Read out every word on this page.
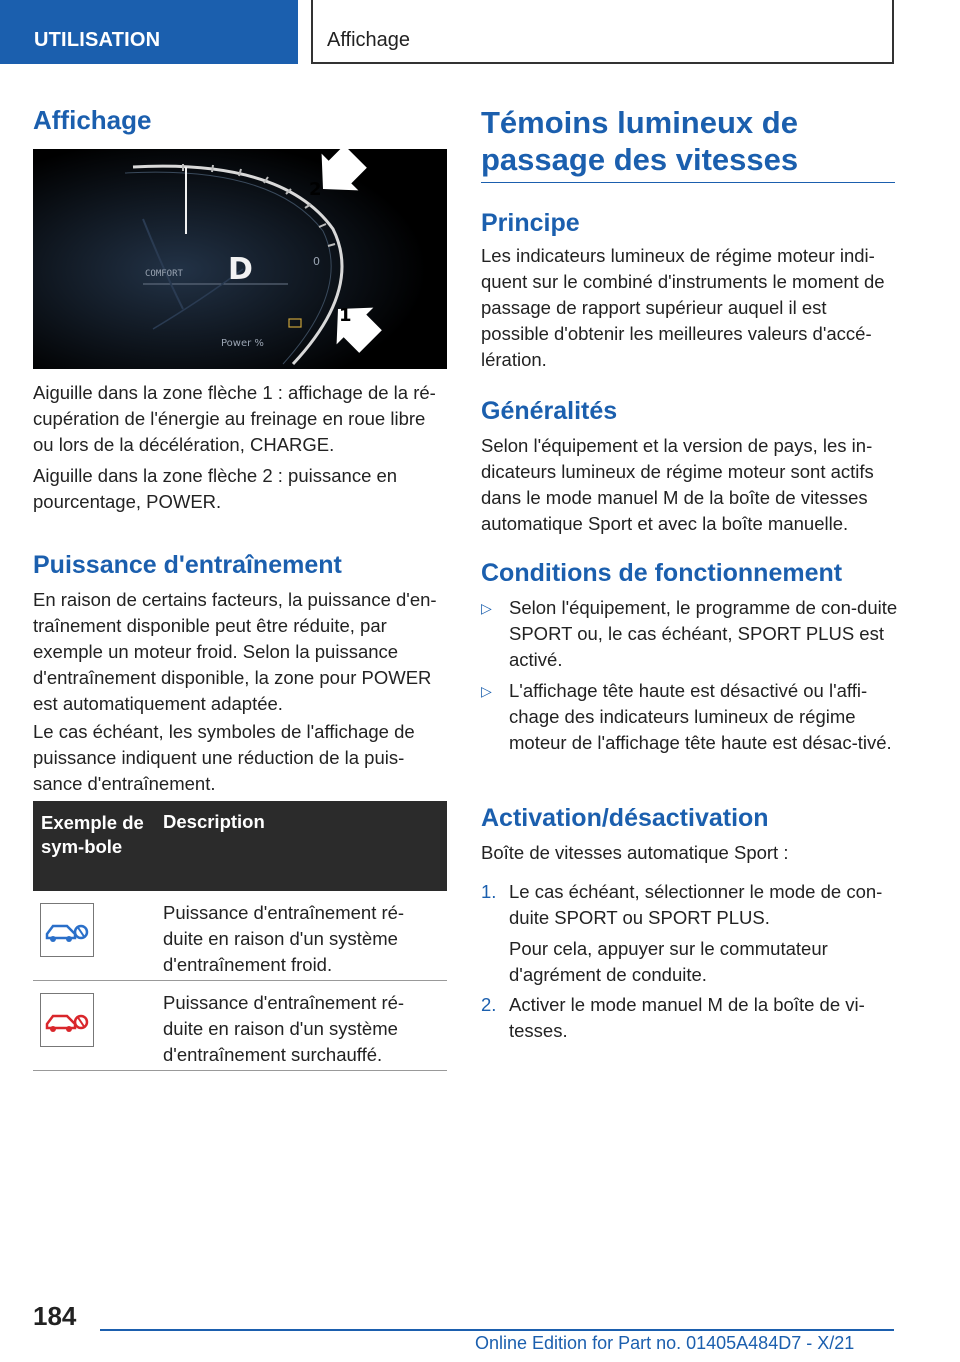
UTILISATION	Affichage
Affichage
COMFORT D	0
Power %
2
1

Aiguille dans la zone flèche 1 : affichage de la ré-cupération de l'énergie au freinage en roue libre ou lors de la décélération, CHARGE.

Aiguille dans la zone flèche 2 : puissance en pourcentage, POWER.

Puissance d'entraînement

En raison de certains facteurs, la puissance d'en-traînement disponible peut être réduite, par exemple un moteur froid. Selon la puissance d'entraînement disponible, la zone pour POWER est automatiquement adaptée.

Le cas échéant, les symboles de l'affichage de puissance indiquent une réduction de la puis-sance d'entraînement.

Exemple de sym-bole
Description
Puissance d'entraînement ré-duite en raison d'un système d'entraînement froid.
Puissance d'entraînement ré-duite en raison d'un système d'entraînement surchauffé.
Témoins lumineux de passage des vitesses
Principe

Les indicateurs lumineux de régime moteur indi-quent sur le combiné d'instruments le moment de passage de rapport supérieur auquel il est possible d'obtenir les meilleures valeurs d'accé-lération.

Généralités

Selon l'équipement et la version de pays, les in-dicateurs lumineux de régime moteur sont actifs dans le mode manuel M de la boîte de vitesses automatique Sport et avec la boîte manuelle.

Conditions de fonctionnement
▷ Selon l'équipement, le programme de con-duite SPORT ou, le cas échéant, SPORT PLUS est activé.
▷ L'affichage tête haute est désactivé ou l'affi-chage des indicateurs lumineux de régime moteur de l'affichage tête haute est désac-tivé.
Activation/désactivation

Boîte de vitesses automatique Sport :

1. Le cas échéant, sélectionner le mode de con-duite SPORT ou SPORT PLUS.
Pour cela, appuyer sur le commutateur d'agrément de conduite.
2. Activer le mode manuel M de la boîte de vi-tesses.
184
Online Edition for Part no. 01405A484D7 - X/21
